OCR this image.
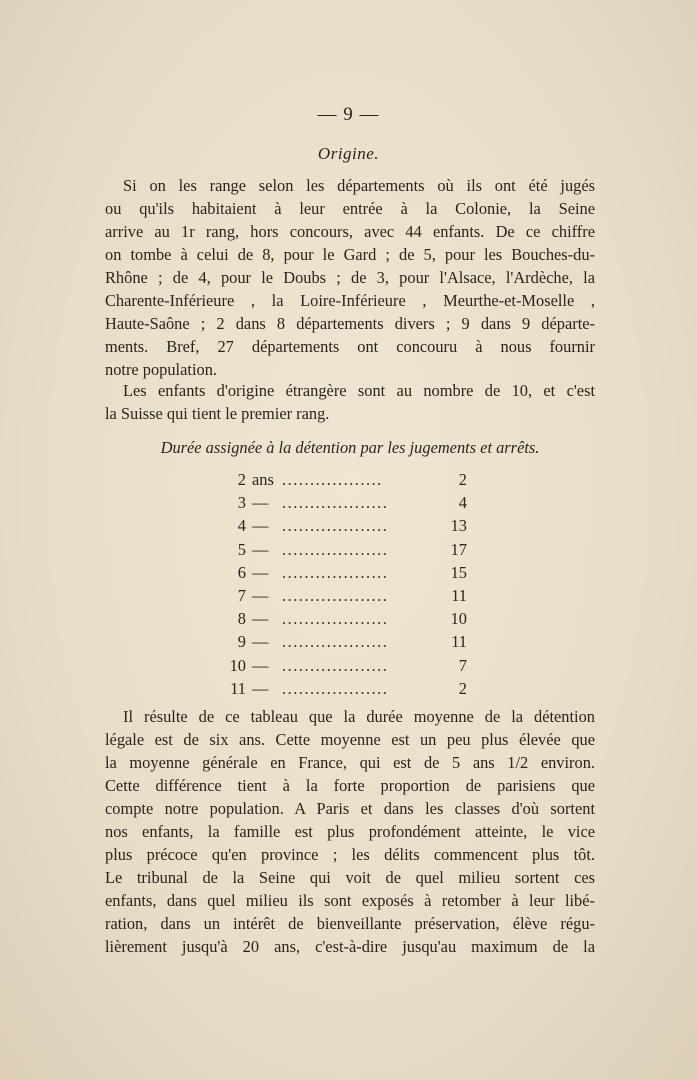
— 9 —
Origine.
Si on les range selon les départements où ils ont été jugés
ou qu'ils habitaient à leur entrée à la Colonie, la Seine
arrive au 1r rang, hors concours, avec 44 enfants. De ce chiffre
on tombe à celui de 8, pour le Gard ; de 5, pour les Bouches-du-
Rhône ; de 4, pour le Doubs ; de 3, pour l'Alsace, l'Ardèche, la
Charente-Inférieure , la Loire-Inférieure , Meurthe-et-Moselle ,
Haute-Saône ; 2 dans 8 départements divers ; 9 dans 9 départe-
ments. Bref, 27 départements ont concouru à nous fournir
notre population.
Les enfants d'origine étrangère sont au nombre de 10, et c'est
la Suisse qui tient le premier rang.
Durée assignée à la détention par les jugements et arrêts.
2 ans ..................	2
3 — ...................	4
4 — ...................	13
5 — ...................	17
6 — ...................	15
7 — ...................	11
8 — ...................	10
9 — ...................	11
10 — ...................	7
11 — ...................	2
Il résulte de ce tableau que la durée moyenne de la détention
légale est de six ans. Cette moyenne est un peu plus élevée que
la moyenne générale en France, qui est de 5 ans 1/2 environ.
Cette différence tient à la forte proportion de parisiens que
compte notre population. A Paris et dans les classes d'où sortent
nos enfants, la famille est plus profondément atteinte, le vice
plus précoce qu'en province ; les délits commencent plus tôt.
Le tribunal de la Seine qui voit de quel milieu sortent ces
enfants, dans quel milieu ils sont exposés à retomber à leur libé-
ration, dans un intérêt de bienveillante préservation, élève régu-
lièrement jusqu'à 20 ans, c'est-à-dire jusqu'au maximum de la
